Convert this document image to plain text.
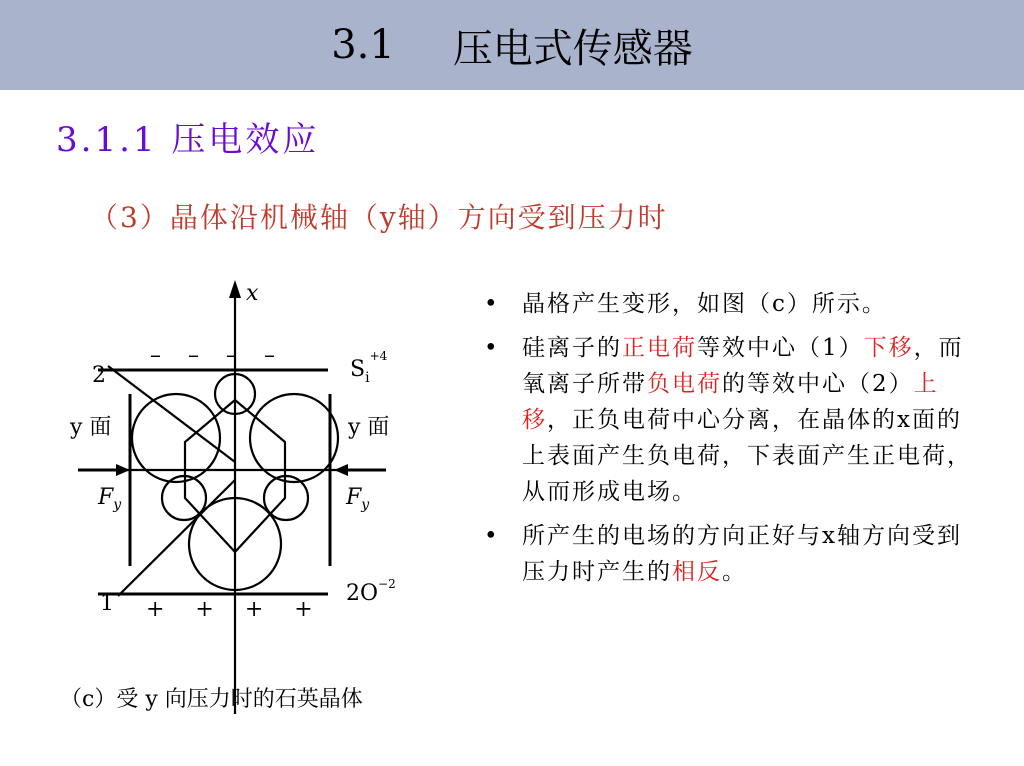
3.1 压电式传感器
3.1.1 压电效应
（3）晶体沿机械轴（y轴）方向受到压力时
x
– – – –
+ + + +
2
1
y 面	y 面
$F_y$	$F_y$
$S_i^{+4}$
$2O^{-2}$
（c）受 y 向压力时的石英晶体
• 晶格产生变形，如图（c）所示。
• 硅离子的正电荷等效中心（1）下移，而氧离子所带负电荷的等效中心（2）上移，正负电荷中心分离，在晶体的x面的上表面产生负电荷，下表面产生正电荷，从而形成电场。
• 所产生的电场的方向正好与x轴方向受到压力时产生的相反。
